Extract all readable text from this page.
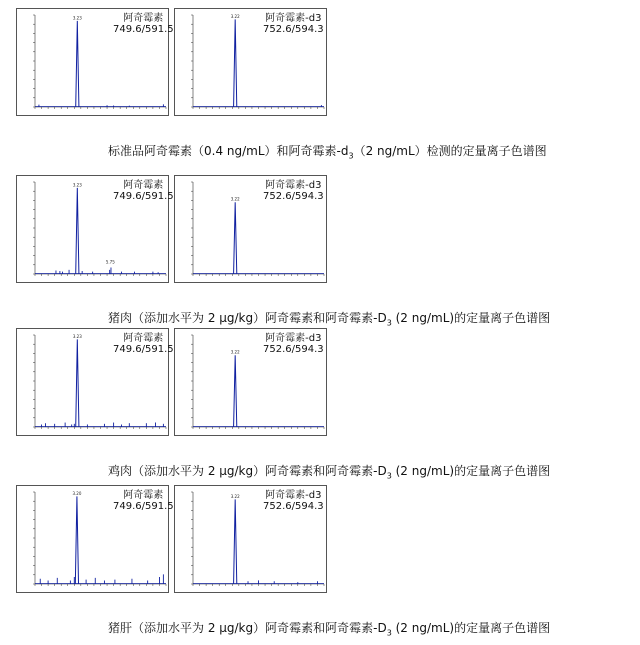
3.23	阿奇霉素
749.6/591.5
3.22	阿奇霉素-d3
752.6/594.3
3.23
5.75
阿奇霉素
749.6/591.5	3.22
阿奇霉素-d3
752.6/594.3
3.23	阿奇霉素
749.6/591.5	3.22
阿奇霉素-d3
752.6/594.3
3.20	阿奇霉素
749.6/591.5
3.22	阿奇霉素-d3
752.6/594.3
标准品阿奇霉素（0.4 ng/mL）和阿奇霉素$-d_3(2$ ng/mL）检测的定量离子色谱图
猪肉（添加水平为 2 μg/kg）阿奇霉素和阿奇霉素$-D_3$ (2 ng/mL)的定量离子色谱图
鸡肉（添加水平为 2 μg/kg）阿奇霉素和阿奇霉素$-D_3$ (2 ng/mL)的定量离子色谱图
猪肝（添加水平为 2 μg/kg）阿奇霉素和阿奇霉素$-D_3$ (2 ng/mL)的定量离子色谱图
